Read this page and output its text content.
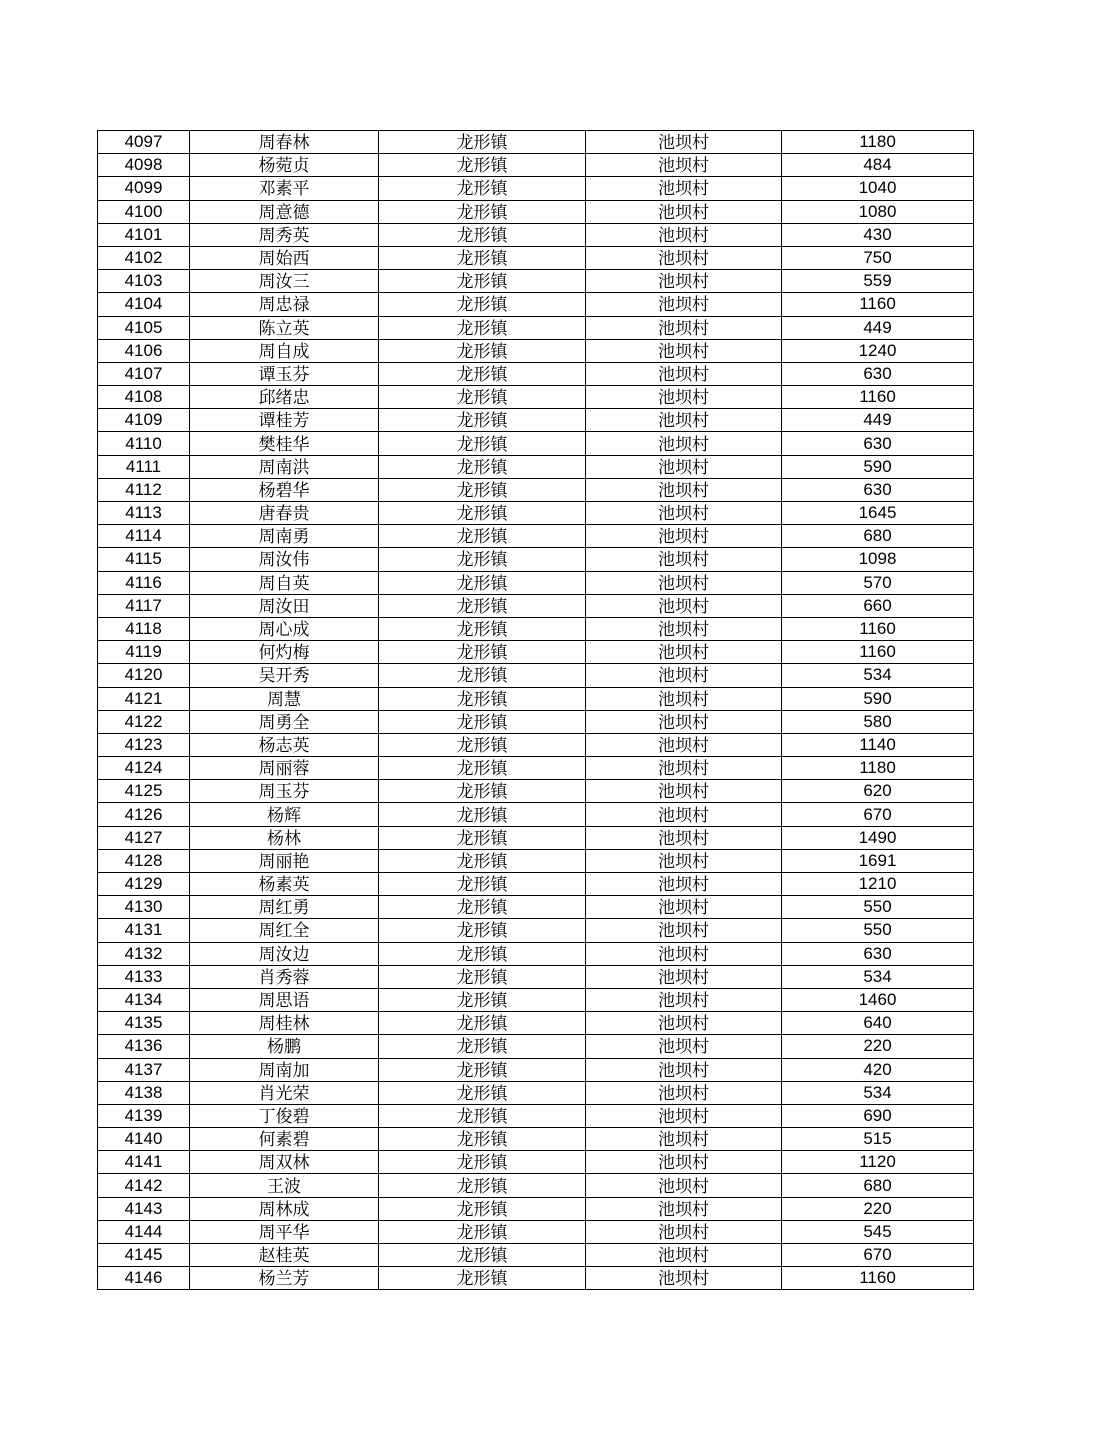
4097	周春林	龙形镇	池坝村	1180
4098	杨菀贞	龙形镇	池坝村	484
4099	邓素平	龙形镇	池坝村	1040
4100	周意德	龙形镇	池坝村	1080
4101	周秀英	龙形镇	池坝村	430
4102	周始西	龙形镇	池坝村	750
4103	周汝三	龙形镇	池坝村	559
4104	周忠禄	龙形镇	池坝村	1160
4105	陈立英	龙形镇	池坝村	449
4106	周自成	龙形镇	池坝村	1240
4107	谭玉芬	龙形镇	池坝村	630
4108	邱绪忠	龙形镇	池坝村	1160
4109	谭桂芳	龙形镇	池坝村	449
4110	樊桂华	龙形镇	池坝村	630
4111	周南洪	龙形镇	池坝村	590
4112	杨碧华	龙形镇	池坝村	630
4113	唐春贵	龙形镇	池坝村	1645
4114	周南勇	龙形镇	池坝村	680
4115	周汝伟	龙形镇	池坝村	1098
4116	周自英	龙形镇	池坝村	570
4117	周汝田	龙形镇	池坝村	660
4118	周心成	龙形镇	池坝村	1160
4119	何灼梅	龙形镇	池坝村	1160
4120	吴开秀	龙形镇	池坝村	534
4121	周慧	龙形镇	池坝村	590
4122	周勇全	龙形镇	池坝村	580
4123	杨志英	龙形镇	池坝村	1140
4124	周丽蓉	龙形镇	池坝村	1180
4125	周玉芬	龙形镇	池坝村	620
4126	杨辉	龙形镇	池坝村	670
4127	杨林	龙形镇	池坝村	1490
4128	周丽艳	龙形镇	池坝村	1691
4129	杨素英	龙形镇	池坝村	1210
4130	周红勇	龙形镇	池坝村	550
4131	周红全	龙形镇	池坝村	550
4132	周汝边	龙形镇	池坝村	630
4133	肖秀蓉	龙形镇	池坝村	534
4134	周思语	龙形镇	池坝村	1460
4135	周桂林	龙形镇	池坝村	640
4136	杨鹏	龙形镇	池坝村	220
4137	周南加	龙形镇	池坝村	420
4138	肖光荣	龙形镇	池坝村	534
4139	丁俊碧	龙形镇	池坝村	690
4140	何素碧	龙形镇	池坝村	515
4141	周双林	龙形镇	池坝村	1120
4142	王波	龙形镇	池坝村	680
4143	周林成	龙形镇	池坝村	220
4144	周平华	龙形镇	池坝村	545
4145	赵桂英	龙形镇	池坝村	670
4146	杨兰芳	龙形镇	池坝村	1160
